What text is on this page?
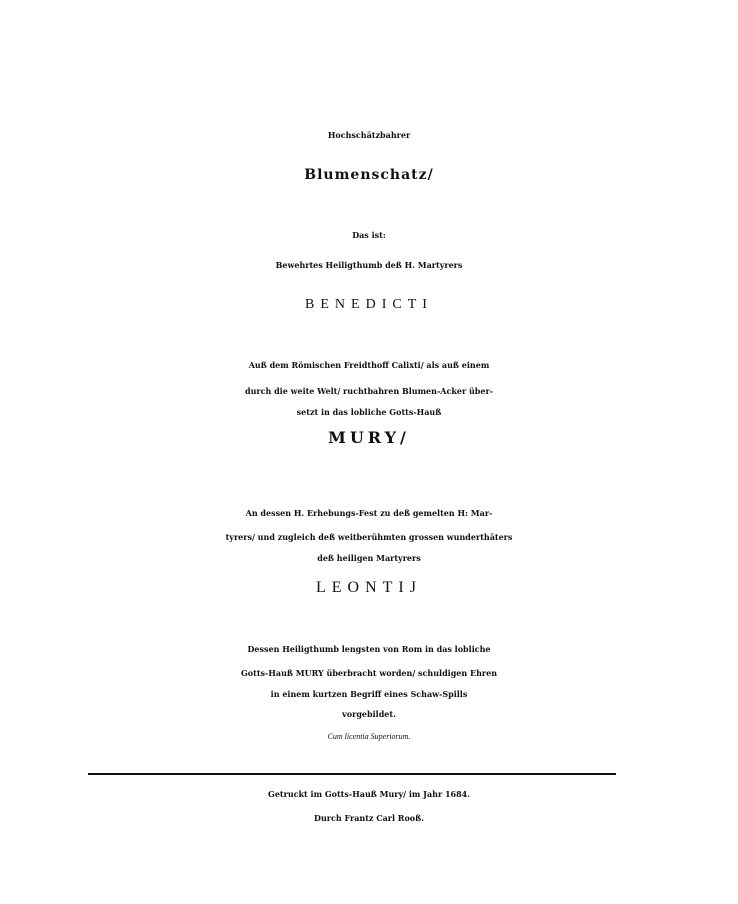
Hochschätzbahrer
Blumenschatz/
Das ist:
Bewehrtes Heiligthumb deß H. Martyrers
BENEDICTI
Auß dem Römischen Freidthoff Calixti/ als auß einem
durch die weite Welt/ ruchtbahren Blumen-Acker über-
setzt in das lobliche Gotts-Hauß
MURY/
An dessen H. Erhebungs-Fest zu deß gemelten H: Mar-
tyrers/ und zugleich deß weitberühmten grossen wunderthäters
deß heiligen Martyrers
LEONTIJ
Dessen Heiligthumb lengsten von Rom in das lobliche
Gotts-Hauß MURY überbracht worden/ schuldigen Ehren
in einem kurtzen Begriff eines Schaw-Spills
vorgebildet.
Cum licentia Superiorum.
Getruckt im Gotts-Hauß Mury/ im Jahr 1684.
Durch Frantz Carl Rooß.
